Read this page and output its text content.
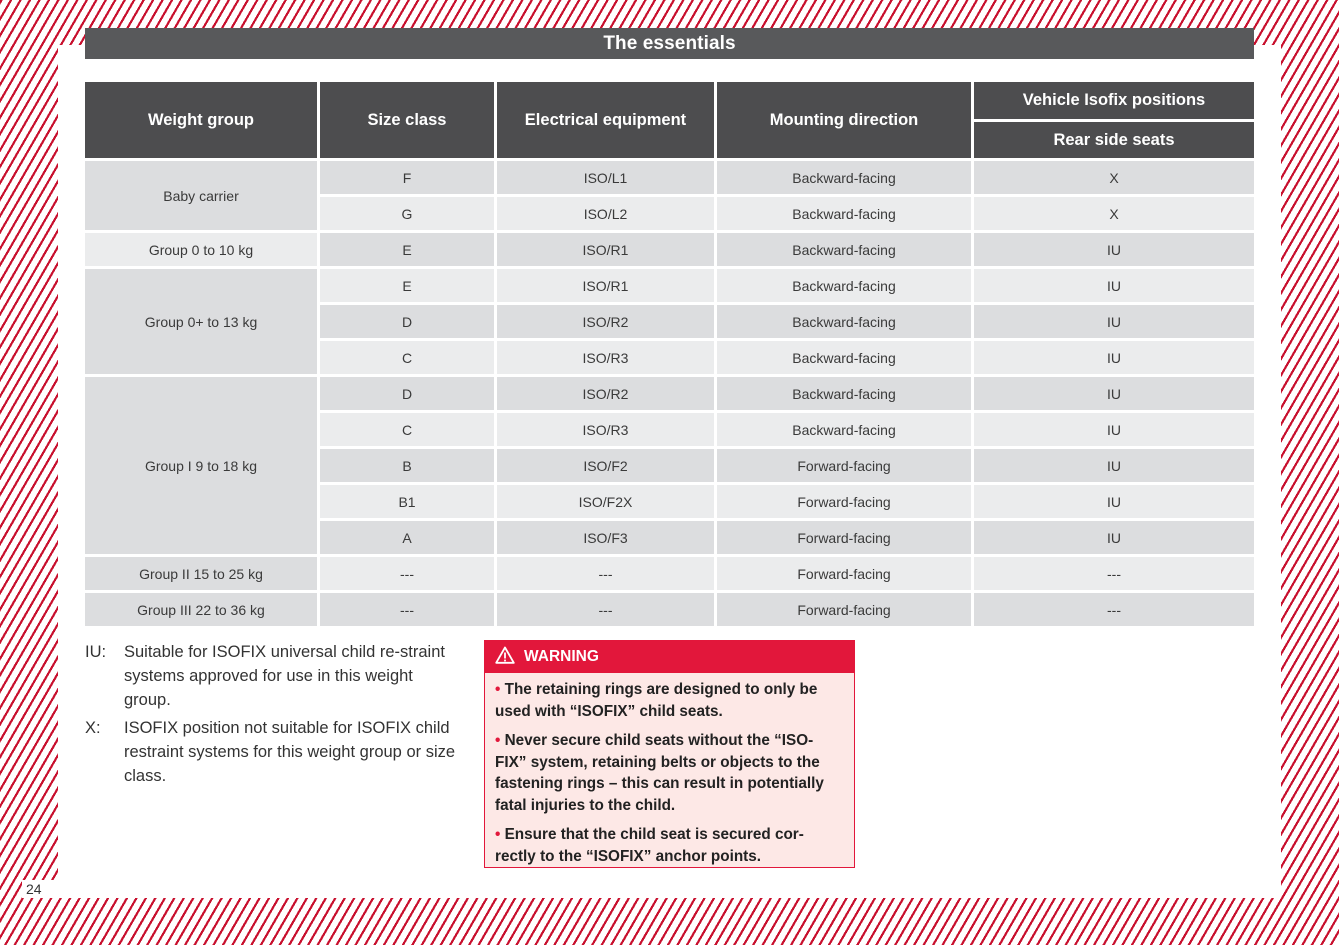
The essentials
Weight group	Size class	Electrical equipment	Mounting direction	Vehicle Isofix positions
				Rear side seats
Baby carrier	F	ISO/L1	Backward-facing	X
	G	ISO/L2	Backward-facing	X
Group 0 to 10 kg	E	ISO/R1	Backward-facing	IU
Group 0+ to 13 kg	E	ISO/R1	Backward-facing	IU
	D	ISO/R2	Backward-facing	IU
	C	ISO/R3	Backward-facing	IU
Group I 9 to 18 kg	D	ISO/R2	Backward-facing	IU
	C	ISO/R3	Backward-facing	IU
	B	ISO/F2	Forward-facing	IU
	B1	ISO/F2X	Forward-facing	IU
	A	ISO/F3	Forward-facing	IU
Group II 15 to 25 kg	---	---	Forward-facing	---
Group III 22 to 36 kg	---	---	Forward-facing	---
IU:	Suitable for ISOFIX universal child re-straint systems approved for use in this weight group.
X:	ISOFIX position not suitable for ISOFIX child restraint systems for this weight group or size class.
WARNING

• The retaining rings are designed to only be used with “ISOFIX” child seats.

• Never secure child seats without the “ISO-FIX” system, retaining belts or objects to the fastening rings – this can result in potentially fatal injuries to the child.

• Ensure that the child seat is secured cor-rectly to the “ISOFIX” anchor points.

24
